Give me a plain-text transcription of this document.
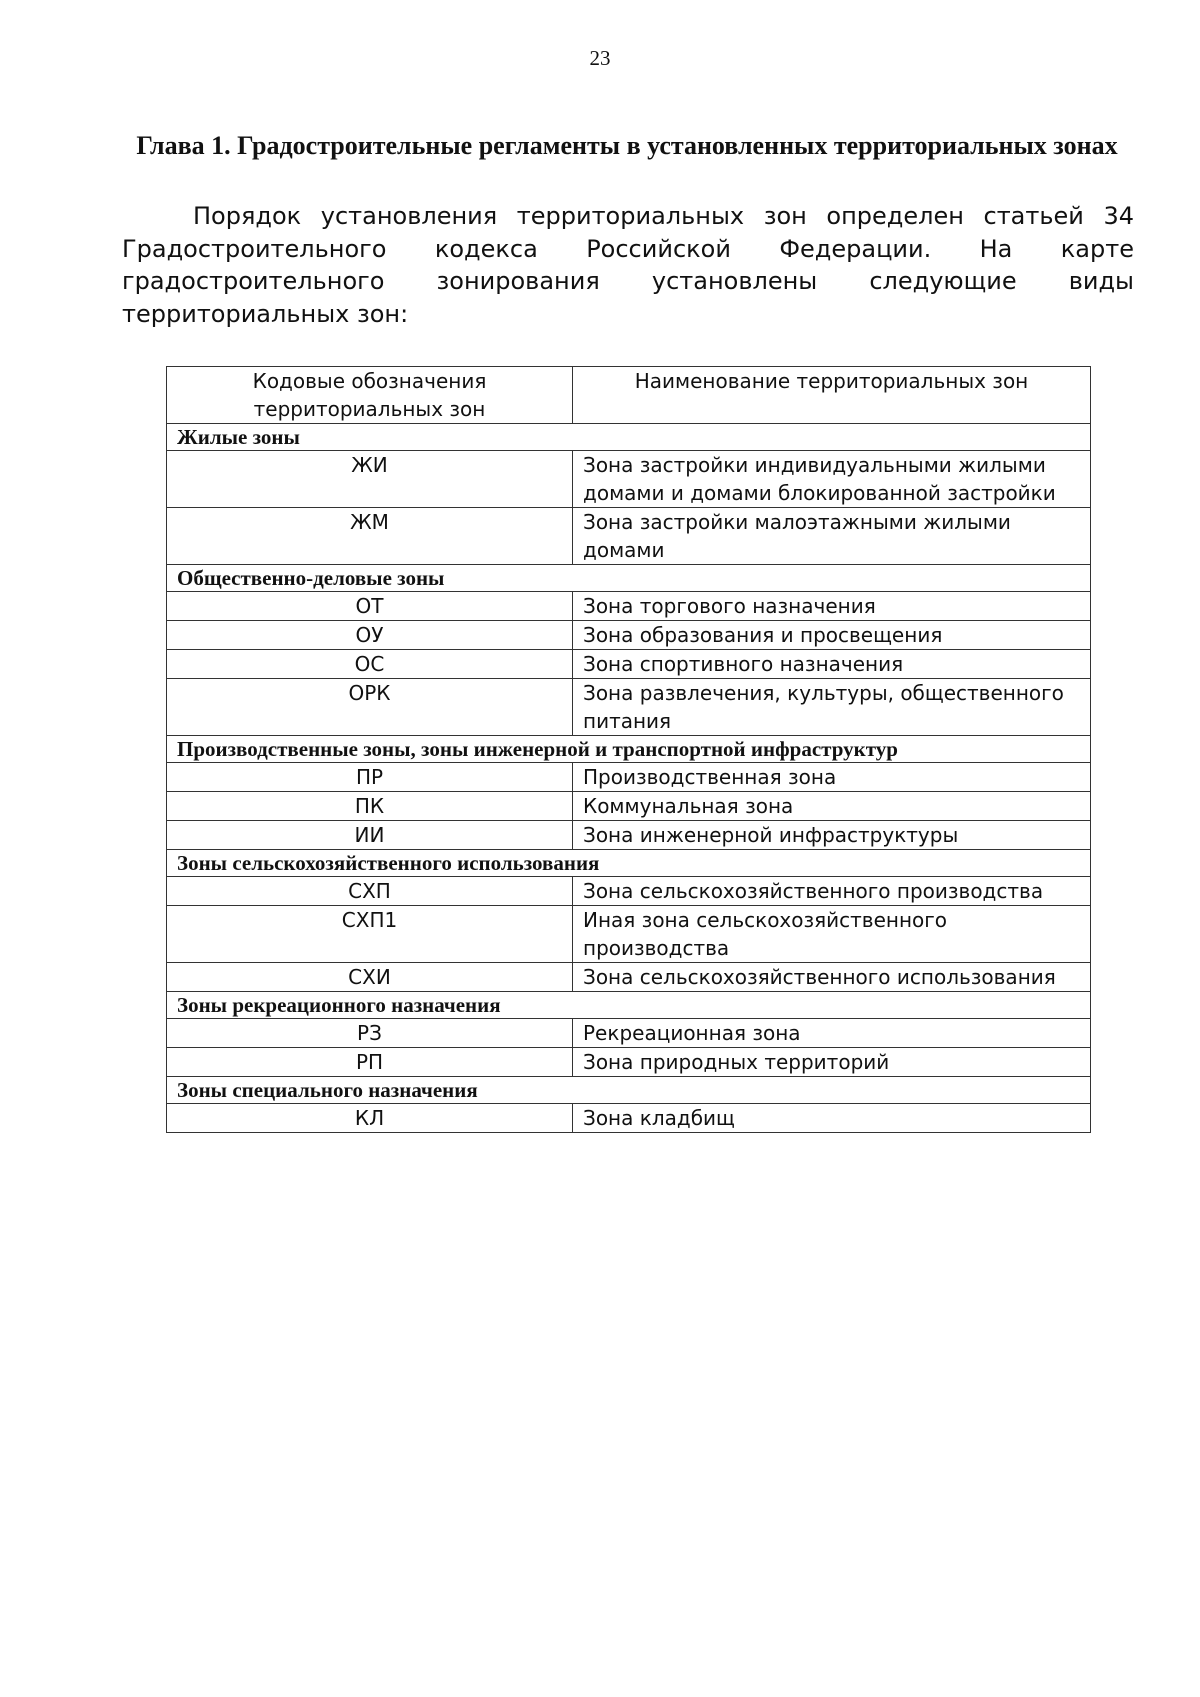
23
Глава 1. Градостроительные регламенты в установленных территориальных зонах
Порядок установления территориальных зон определен статьей 34 Градостроительного кодекса Российской Федерации. На карте градостроительного зонирования установлены следующие виды территориальных зон:
Кодовые обозначения территориальных зон	Наименование территориальных зон
Жилые зоны	
ЖИ	Зона застройки индивидуальными жилыми домами и домами блокированной застройки
ЖМ	Зона застройки малоэтажными жилыми домами
Общественно-деловые зоны	
ОТ	Зона торгового назначения
ОУ	Зона образования и просвещения
ОС	Зона спортивного назначения
ОРК	Зона развлечения, культуры, общественного питания
Производственные зоны, зоны инженерной и транспортной инфраструктур	
ПР	Производственная зона
ПК	Коммунальная зона
ИИ	Зона инженерной инфраструктуры
Зоны сельскохозяйственного использования	
СХП	Зона сельскохозяйственного производства
СХП1	Иная зона сельскохозяйственного производства
СХИ	Зона сельскохозяйственного использования
Зоны рекреационного назначения	
РЗ	Рекреационная зона
РП	Зона природных территорий
Зоны специального назначения	
КЛ	Зона кладбищ
